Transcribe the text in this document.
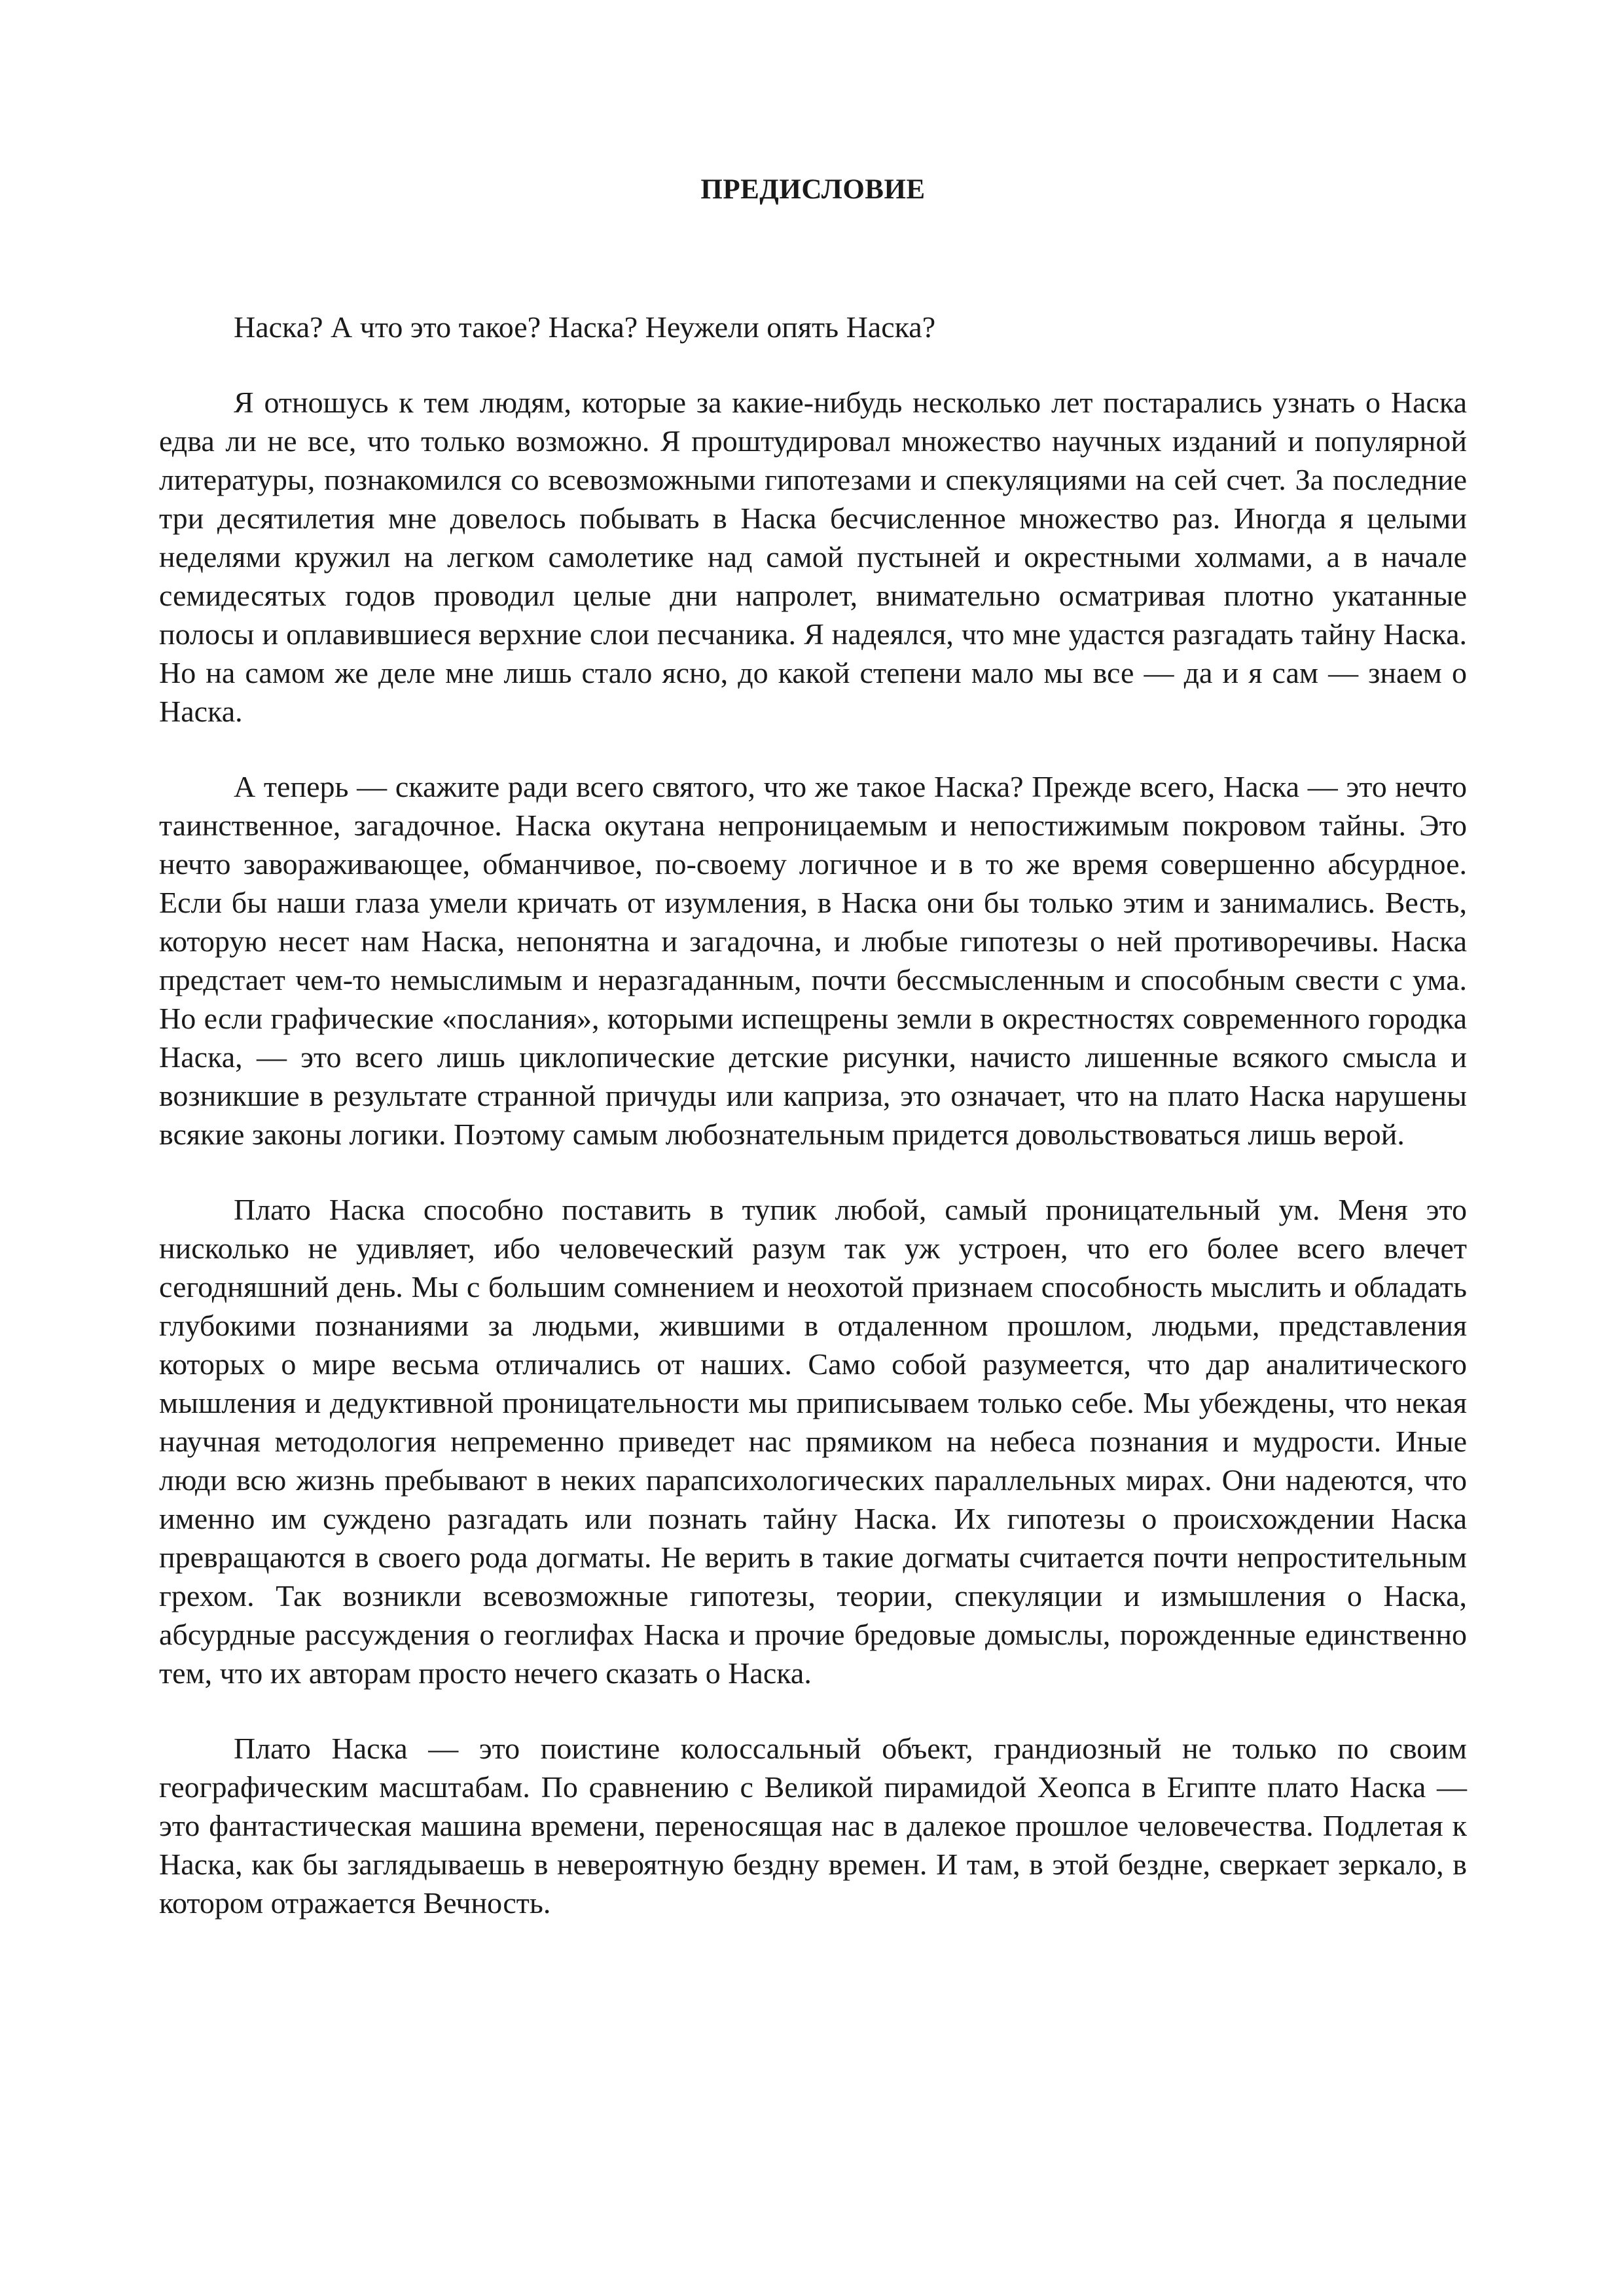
ПРЕДИСЛОВИЕ

Наска? А что это такое? Наска? Неужели опять Наска?

Я отношусь к тем людям, которые за какие-нибудь несколько лет постарались узнать о Наска едва ли не все, что только возможно. Я проштудировал множество научных изданий и популярной литературы, познакомился со всевозможными гипотезами и спекуляциями на сей счет. За последние три десятилетия мне довелось побывать в Наска бесчисленное множество раз. Иногда я целыми неделями кружил на легком самолетике над самой пустыней и окрестными холмами, а в начале семидесятых годов проводил целые дни напролет, внимательно осматривая плотно укатанные полосы и оплавившиеся верхние слои песчаника. Я надеялся, что мне удастся разгадать тайну Наска. Но на самом же деле мне лишь стало ясно, до какой степени мало мы все — да и я сам — знаем о Наска.

А теперь — скажите ради всего святого, что же такое Наска? Прежде всего, Наска — это нечто таинственное, загадочное. Наска окутана непроницаемым и непостижимым покровом тайны. Это нечто завораживающее, обманчивое, по-своему логичное и в то же время совершенно абсурдное. Если бы наши глаза умели кричать от изумления, в Наска они бы только этим и занимались. Весть, которую несет нам Наска, непонятна и загадочна, и любые гипотезы о ней противоречивы. Наска предстает чем-то немыслимым и неразгаданным, почти бессмысленным и способным свести с ума. Но если графические «послания», которыми испещрены земли в окрестностях современного городка Наска, — это всего лишь циклопические детские рисунки, начисто лишенные всякого смысла и возникшие в результате странной причуды или каприза, это означает, что на плато Наска нарушены всякие законы логики. Поэтому самым любознательным придется довольствоваться лишь верой.

Плато Наска способно поставить в тупик любой, самый проницательный ум. Меня это нисколько не удивляет, ибо человеческий разум так уж устроен, что его более всего влечет сегодняшний день. Мы с большим сомнением и неохотой признаем способность мыслить и обладать глубокими познаниями за людьми, жившими в отдаленном прошлом, людьми, представления которых о мире весьма отличались от наших. Само собой разумеется, что дар аналитического мышления и дедуктивной проницательности мы приписываем только себе. Мы убеждены, что некая научная методология непременно приведет нас прямиком на небеса познания и мудрости. Иные люди всю жизнь пребывают в неких парапсихологических параллельных мирах. Они надеются, что именно им суждено разгадать или познать тайну Наска. Их гипотезы о происхождении Наска превращаются в своего рода догматы. Не верить в такие догматы считается почти непростительным грехом. Так возникли всевозможные гипотезы, теории, спекуляции и измышления о Наска, абсурдные рассуждения о геоглифах Наска и прочие бредовые домыслы, порожденные единственно тем, что их авторам просто нечего сказать о Наска.

Плато Наска — это поистине колоссальный объект, грандиозный не только по своим географическим масштабам. По сравнению с Великой пирамидой Хеопса в Египте плато Наска — это фантастическая машина времени, переносящая нас в далекое прошлое человечества. Подлетая к Наска, как бы заглядываешь в невероятную бездну времен. И там, в этой бездне, сверкает зеркало, в котором отражается Вечность.
